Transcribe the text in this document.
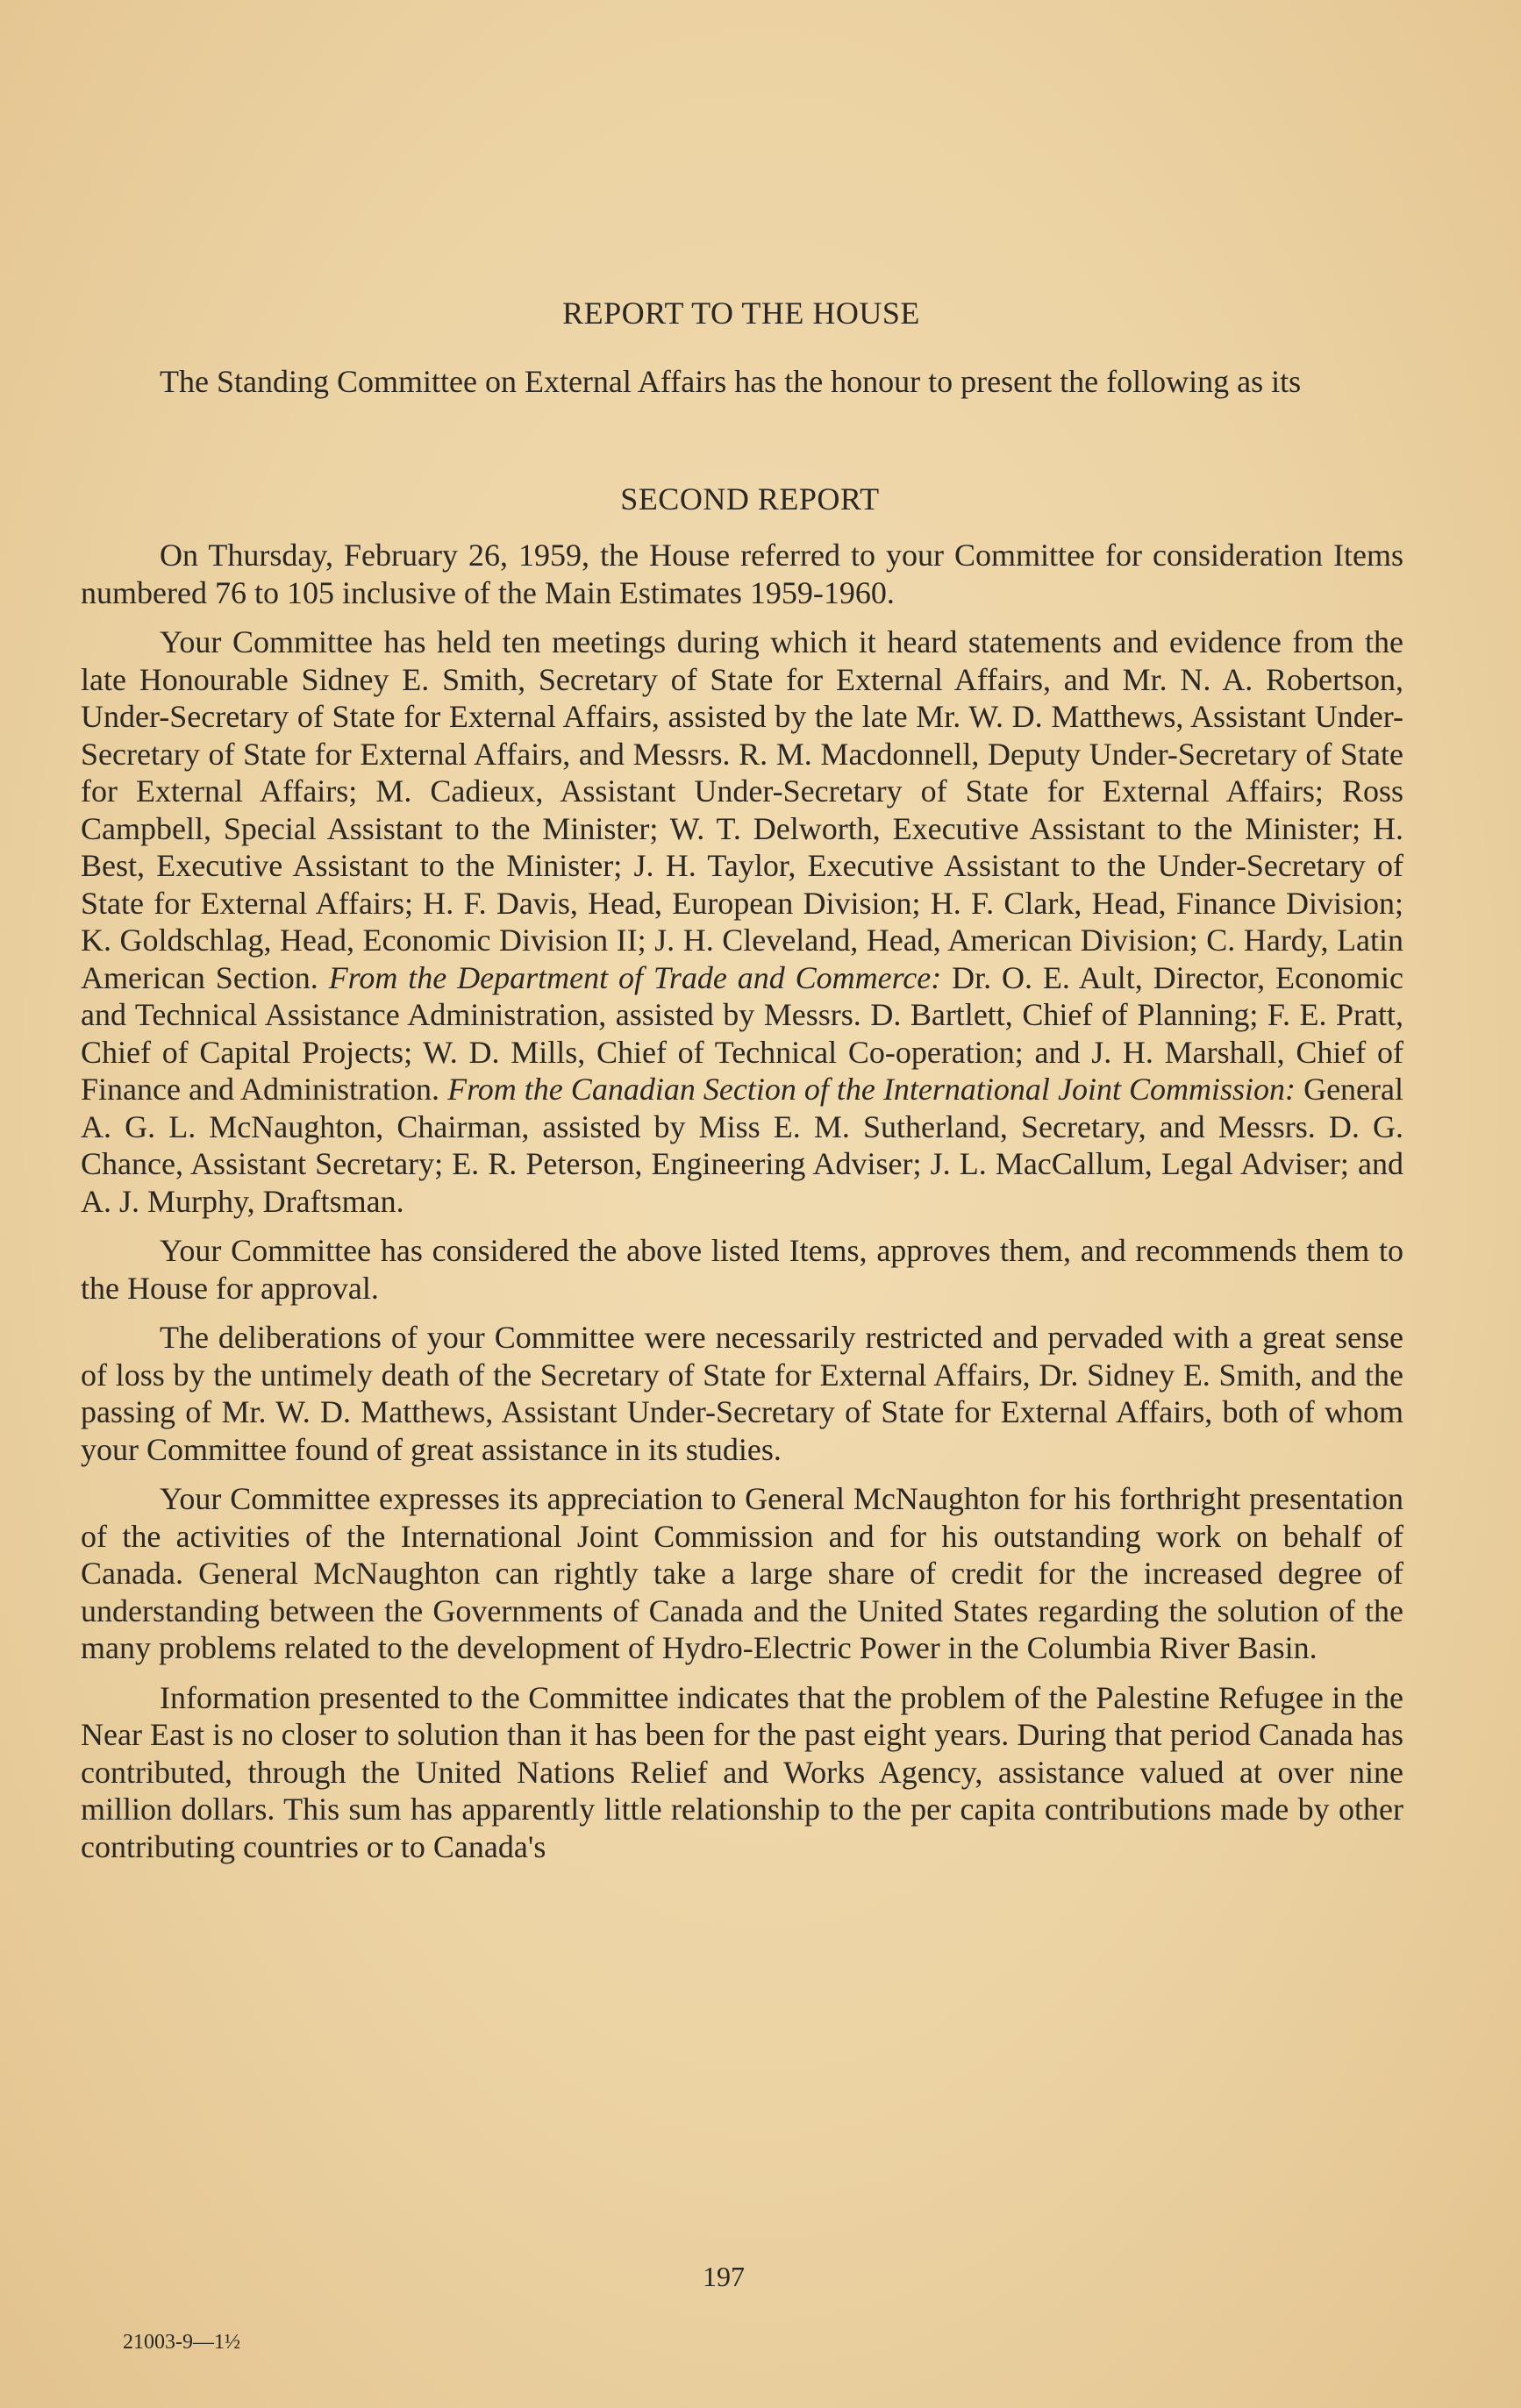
REPORT TO THE HOUSE

The Standing Committee on External Affairs has the honour to present the following as its

SECOND REPORT

On Thursday, February 26, 1959, the House referred to your Committee for consideration Items numbered 76 to 105 inclusive of the Main Estimates 1959-1960.

Your Committee has held ten meetings during which it heard statements and evidence from the late Honourable Sidney E. Smith, Secretary of State for External Affairs, and Mr. N. A. Robertson, Under-Secretary of State for External Affairs, assisted by the late Mr. W. D. Matthews, Assistant Under-Secretary of State for External Affairs, and Messrs. R. M. Macdonnell, Deputy Under-Secretary of State for External Affairs; M. Cadieux, Assistant Under-Secretary of State for External Affairs; Ross Campbell, Special Assistant to the Minister; W. T. Delworth, Executive Assistant to the Minister; H. Best, Executive Assistant to the Minister; J. H. Taylor, Executive Assistant to the Under-Secretary of State for External Affairs; H. F. Davis, Head, European Division; H. F. Clark, Head, Finance Division; K. Goldschlag, Head, Economic Division II; J. H. Cleveland, Head, American Division; C. Hardy, Latin American Section. From the Department of Trade and Commerce: Dr. O. E. Ault, Director, Economic and Technical Assistance Administration, assisted by Messrs. D. Bartlett, Chief of Planning; F. E. Pratt, Chief of Capital Projects; W. D. Mills, Chief of Technical Co-operation; and J. H. Marshall, Chief of Finance and Administration. From the Canadian Section of the International Joint Commission: General A. G. L. McNaughton, Chairman, assisted by Miss E. M. Sutherland, Secretary, and Messrs. D. G. Chance, Assistant Secretary; E. R. Peterson, Engineering Adviser; J. L. MacCallum, Legal Adviser; and A. J. Murphy, Draftsman.

Your Committee has considered the above listed Items, approves them, and recommends them to the House for approval.

The deliberations of your Committee were necessarily restricted and pervaded with a great sense of loss by the untimely death of the Secretary of State for External Affairs, Dr. Sidney E. Smith, and the passing of Mr. W. D. Matthews, Assistant Under-Secretary of State for External Affairs, both of whom your Committee found of great assistance in its studies.

Your Committee expresses its appreciation to General McNaughton for his forthright presentation of the activities of the International Joint Commission and for his outstanding work on behalf of Canada. General McNaughton can rightly take a large share of credit for the increased degree of understanding between the Governments of Canada and the United States regarding the solution of the many problems related to the development of Hydro-Electric Power in the Columbia River Basin.

Information presented to the Committee indicates that the problem of the Palestine Refugee in the Near East is no closer to solution than it has been for the past eight years. During that period Canada has contributed, through the United Nations Relief and Works Agency, assistance valued at over nine million dollars. This sum has apparently little relationship to the per capita contributions made by other contributing countries or to Canada's

197
21003-9—1½
